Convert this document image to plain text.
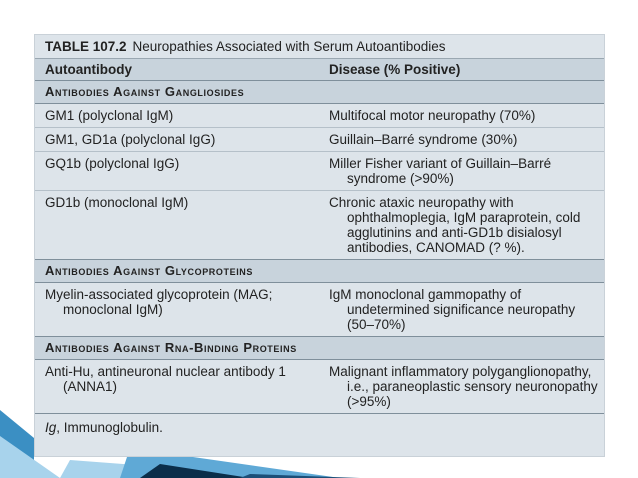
TABLE 107.2 Neuropathies Associated with Serum Autoantibodies
Autoantibody	Disease (% Positive)
Antibodies Against Gangliosides	

GM1 (polyclonal IgM)	Multifocal motor neuropathy (70%)

GM1, GD1a (polyclonal IgG)	Guillain–Barré syndrome (30%)

GQ1b (polyclonal IgG)	Miller Fisher variant of Guillain–Barré syndrome (>90%)

GD1b (monoclonal IgM)	Chronic ataxic neuropathy with ophthalmoplegia, IgM paraprotein, cold agglutinins and anti-GD1b disialosyl antibodies, CANOMAD (? %).

Antibodies Against Glycoproteins	

Myelin-associated glycoprotein (MAG; monoclonal IgM)	IgM monoclonal gammopathy of undetermined significance neuropathy (50–70%)

Antibodies Against Rna-Binding Proteins	

Anti-Hu, antineuronal nuclear antibody 1 (ANNA1)	Malignant inflammatory polyganglionopathy, i.e., paraneoplastic sensory neuronopathy (>95%)

Ig, Immunoglobulin.	
